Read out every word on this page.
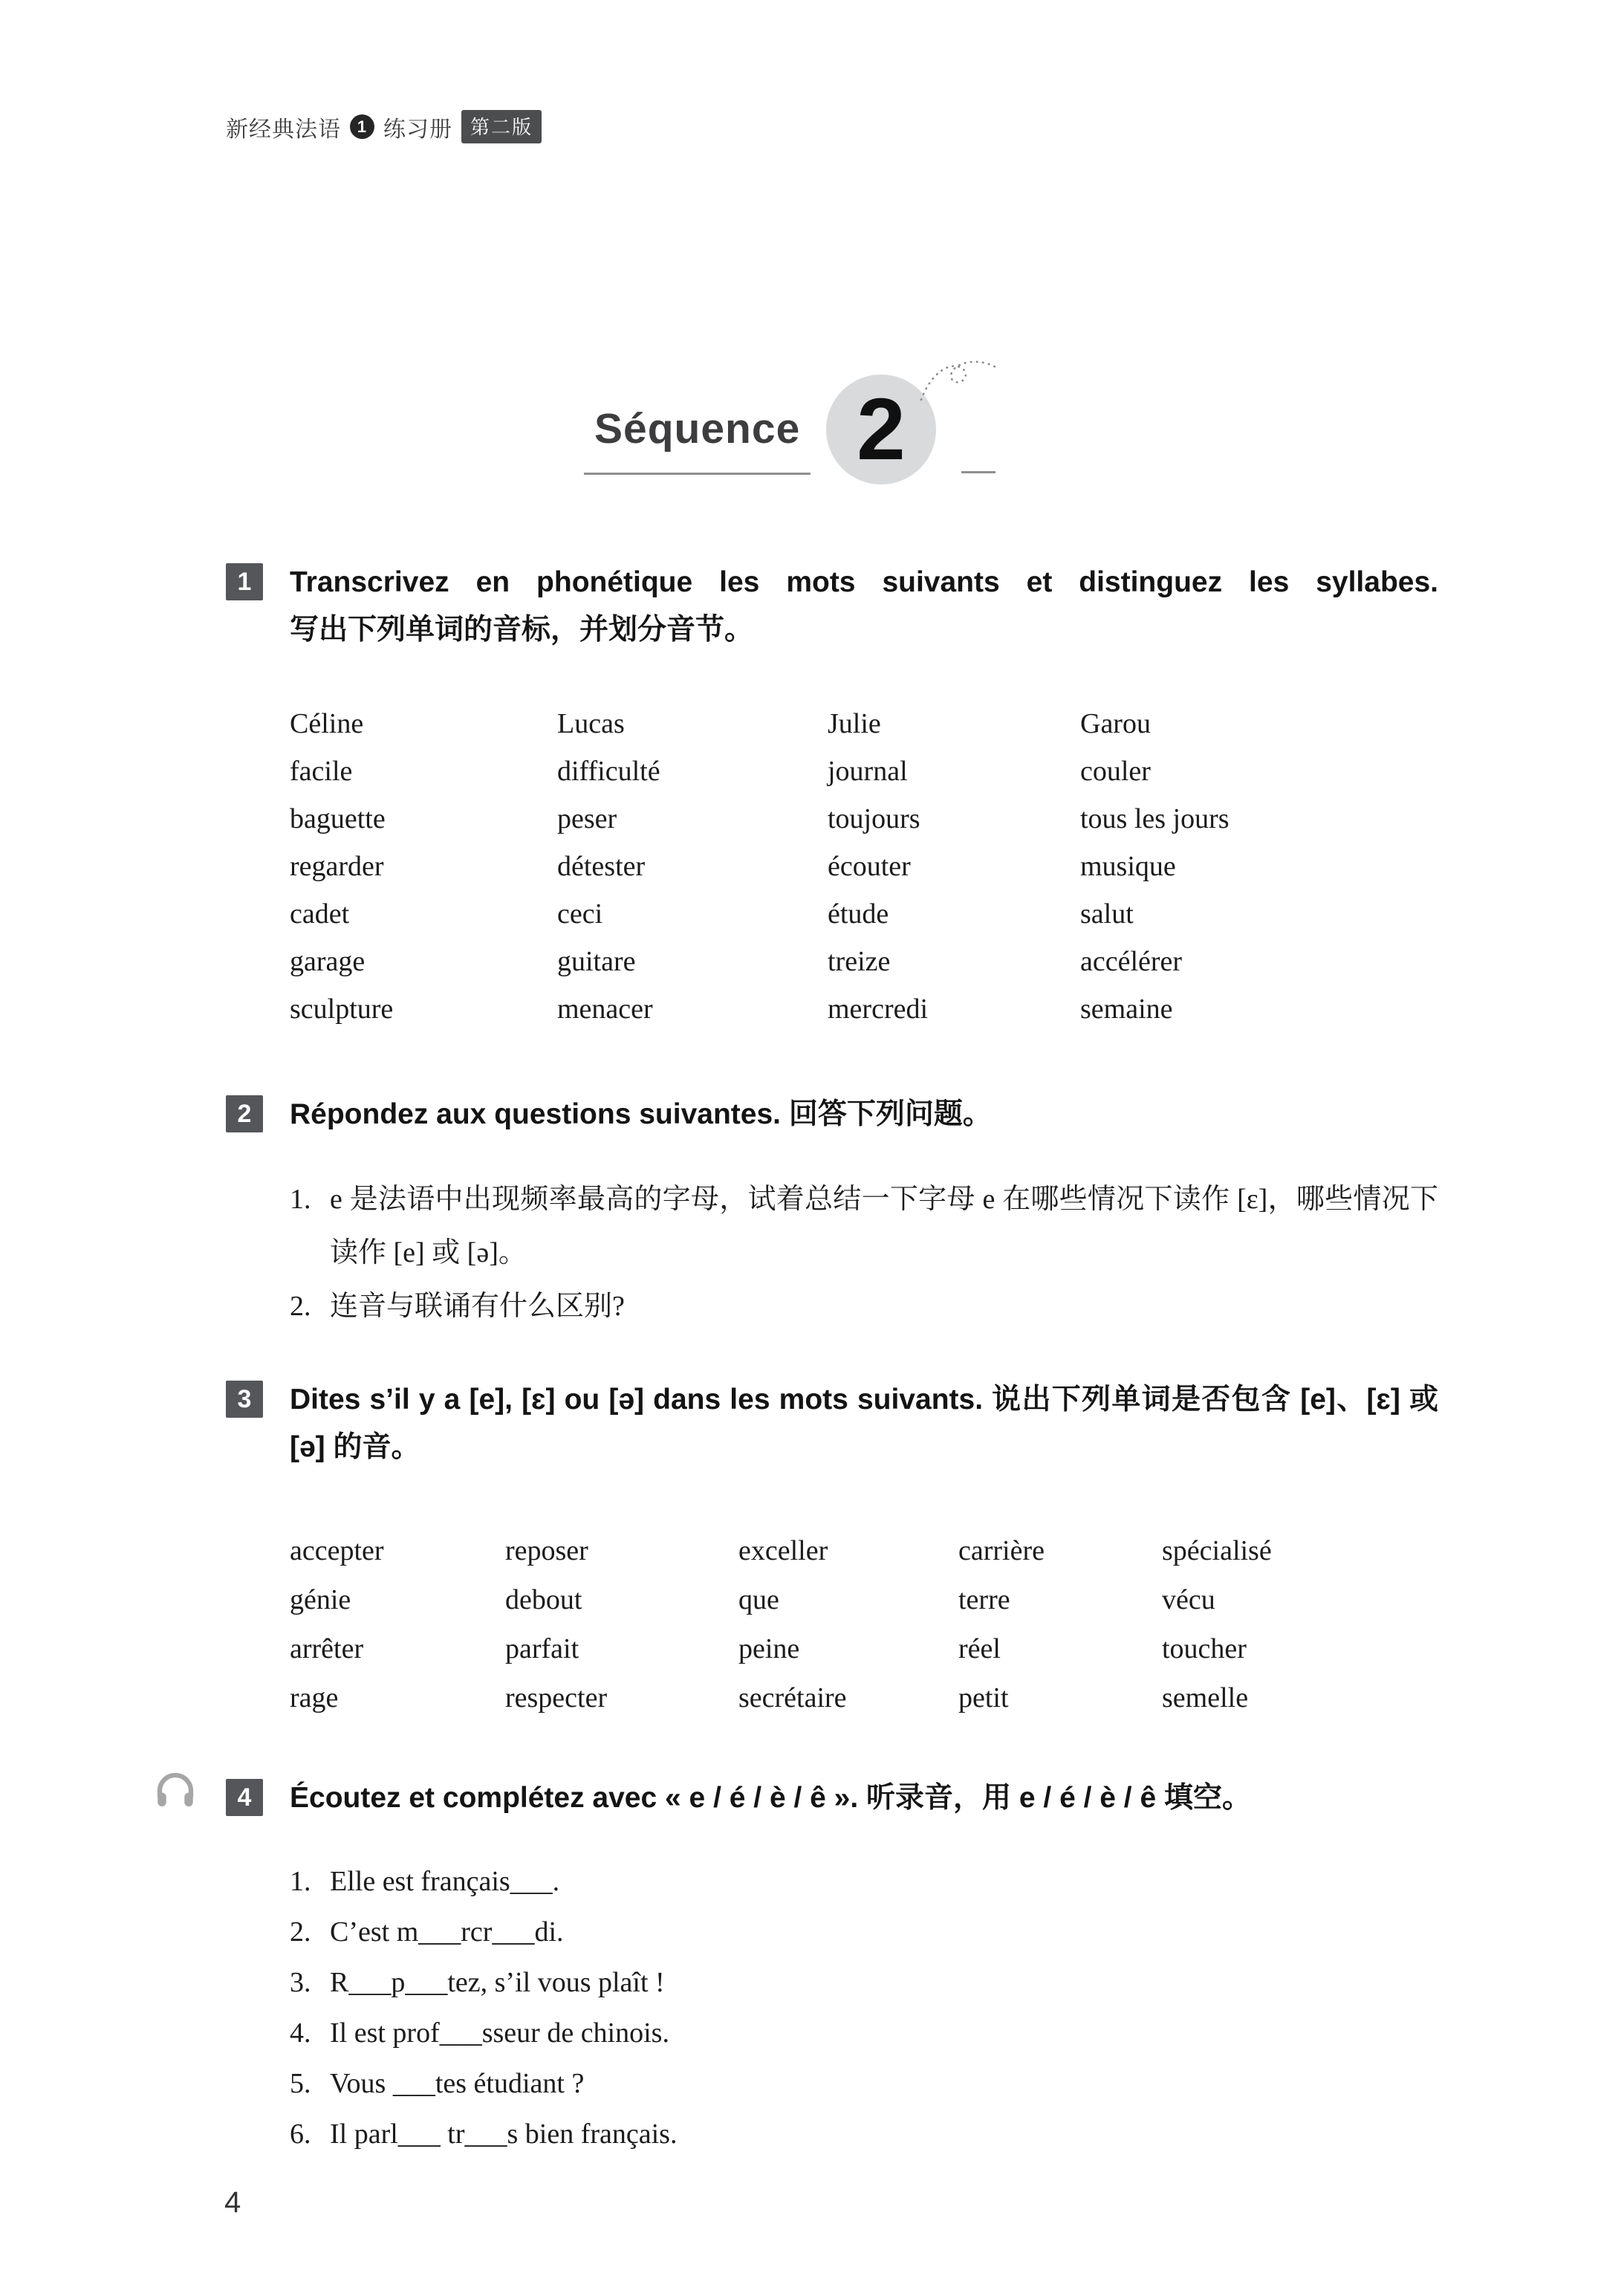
新经典法语 1 练习册 第二版
Séquence 2
1	Transcrivez en phonétique les mots suivants et distinguez les syllabes.
写出下列单词的音标，并划分音节。
Céline	Lucas	Julie	Garou
facile	difficulté	journal	couler
baguette	peser	toujours	tous les jours
regarder	détester	écouter	musique
cadet	ceci	étude	salut
garage	guitare	treize	accélérer
sculpture	menacer	mercredi	semaine
2	Répondez aux questions suivantes. 回答下列问题。
1. e 是法语中出现频率最高的字母，试着总结一下字母 e 在哪些情况下读作 [ɛ]，哪些情况下读作 [e] 或 [ə]。
2. 连音与联诵有什么区别?
3	Dites s’il y a [e], [ɛ] ou [ə] dans les mots suivants. 说出下列单词是否包含 [e]、[ɛ] 或 [ə] 的音。
accepter	reposer	exceller	carrière	spécialisé
génie	debout	que	terre	vécu
arrêter	parfait	peine	réel	toucher
rage	respecter	secrétaire	petit	semelle
4	Écoutez et complétez avec « e / é / è / ê ». 听录音，用 e / é / è / ê 填空。
1. Elle est français___.
2. C’est m___rcr___di.
3. R___p___tez, s’il vous plaît !
4. Il est prof___sseur de chinois.
5. Vous ___tes étudiant ?
6. Il parl___ tr___s bien français.
4
